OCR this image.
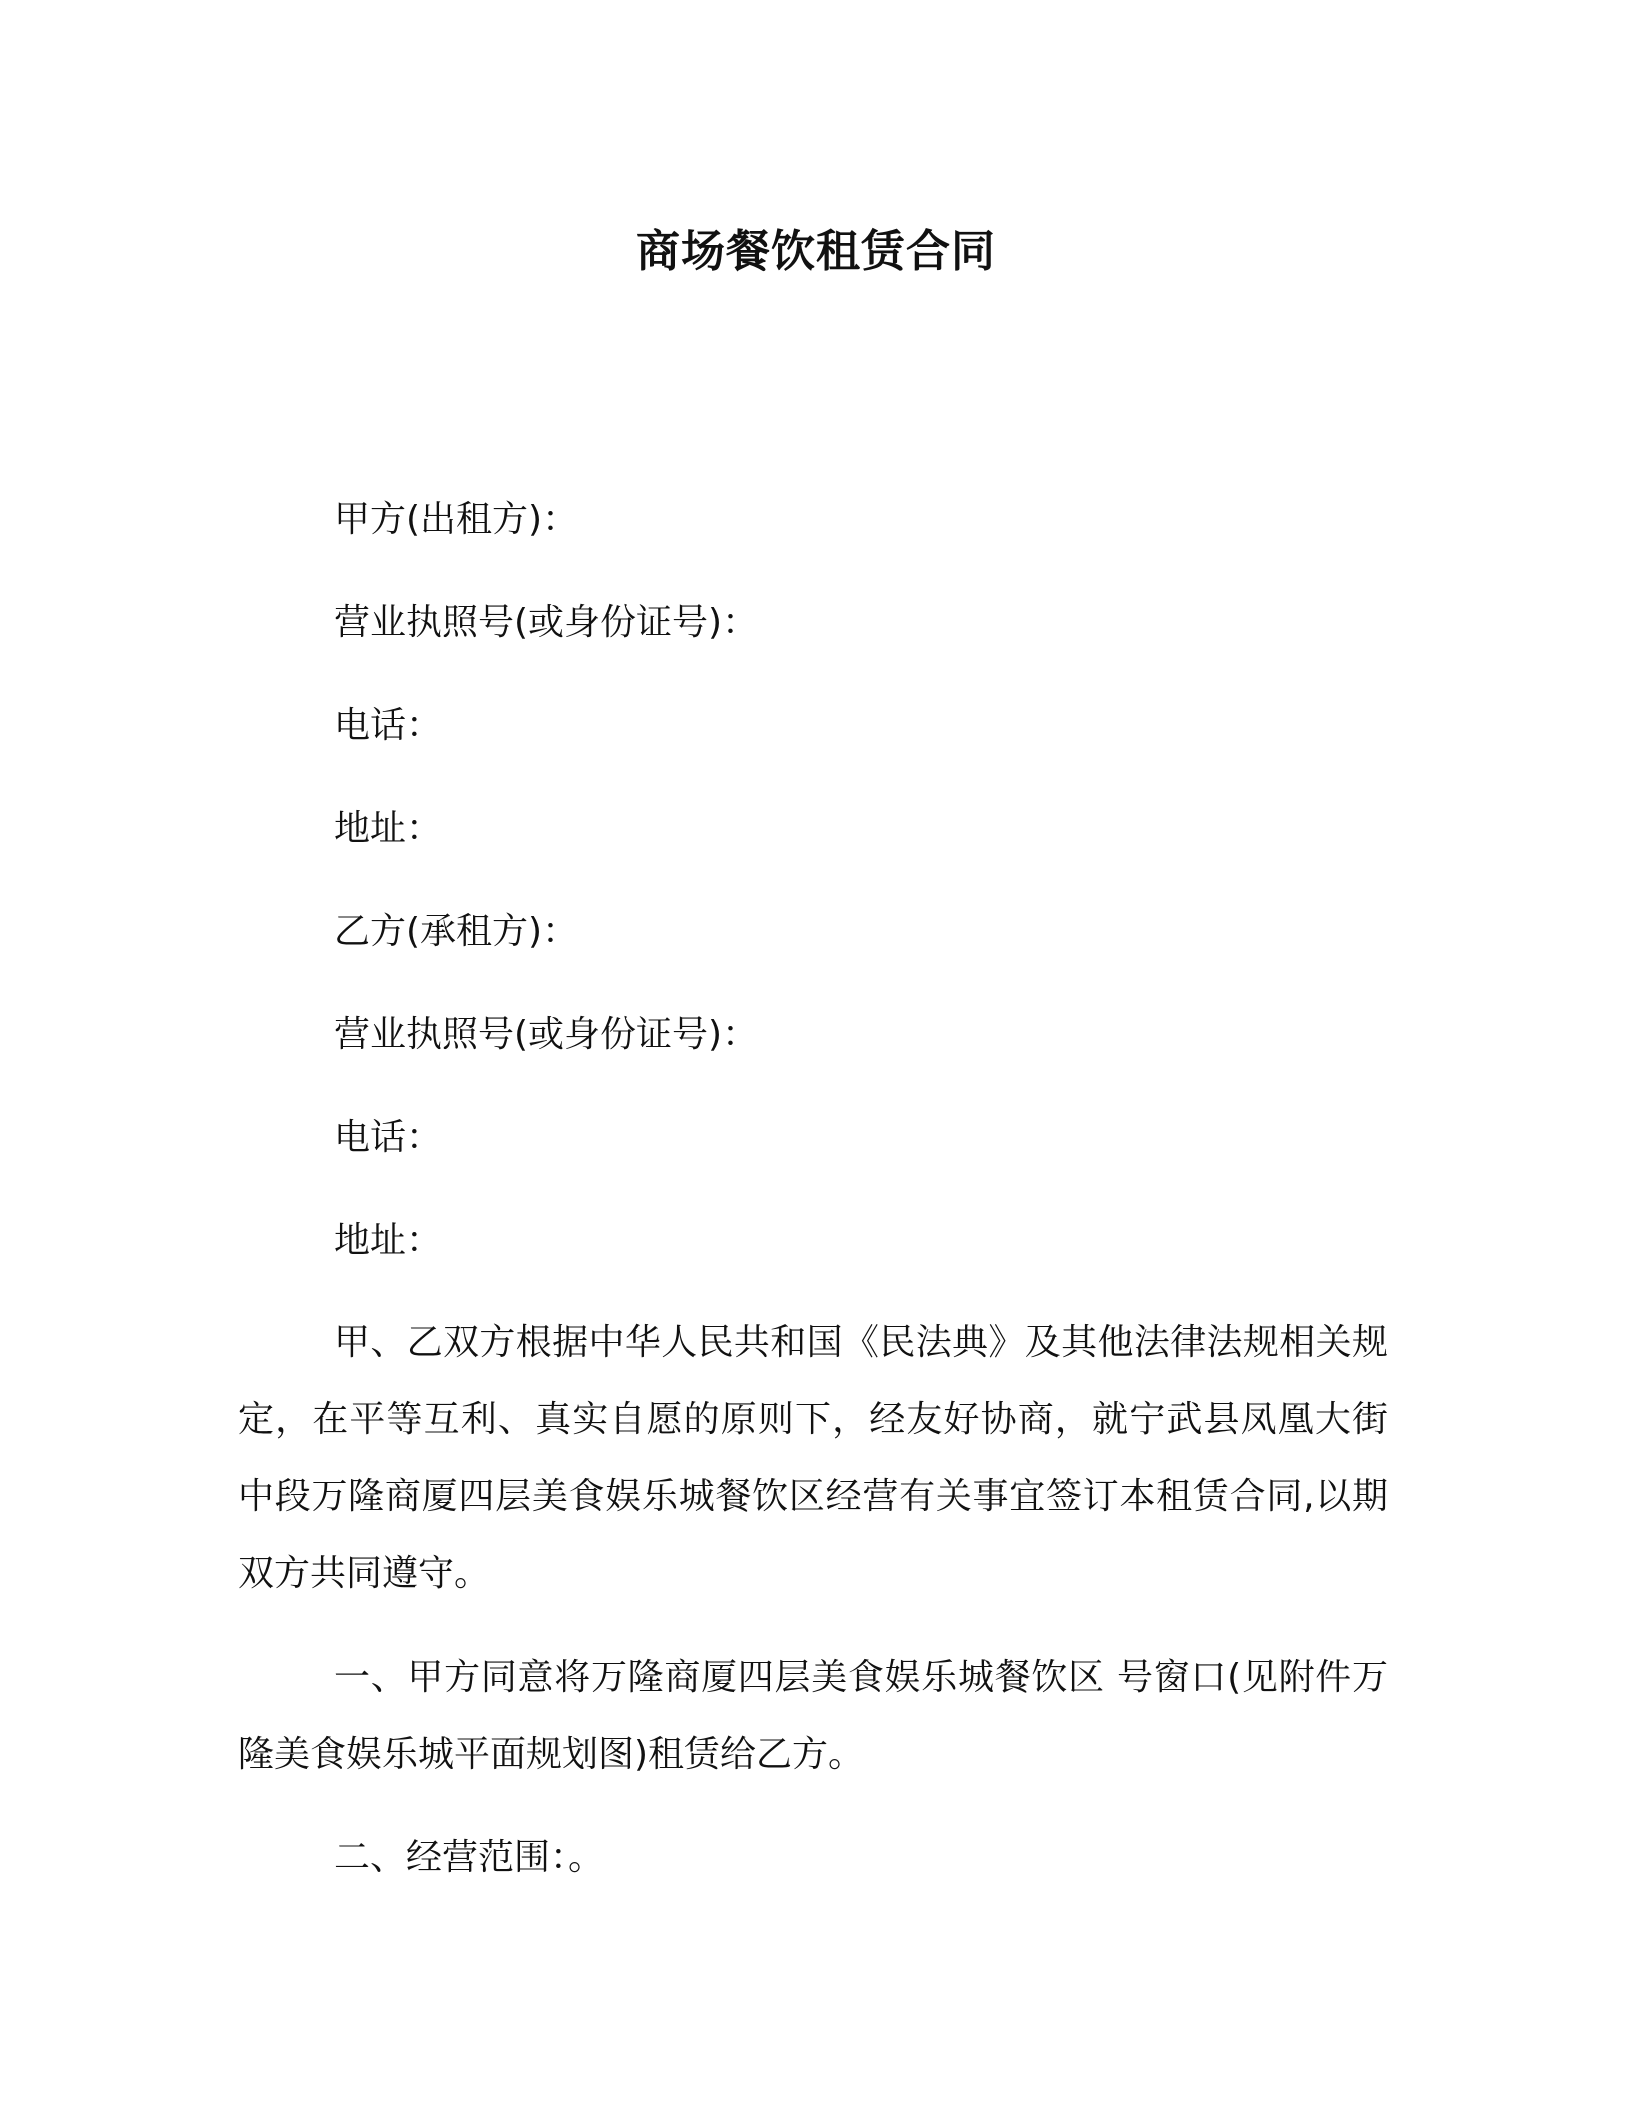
商场餐饮租赁合同
甲方(出租方)：
营业执照号(或身份证号)：
电话：
地址：
乙方(承租方)：
营业执照号(或身份证号)：
电话：
地址：

甲、乙双方根据中华人民共和国《民法典》及其他法律法规相关规定，在平等互利、真实自愿的原则下，经友好协商，就宁武县凤凰大街中段万隆商厦四层美食娱乐城餐饮区经营有关事宜签订本租赁合同,以期双方共同遵守。

一、甲方同意将万隆商厦四层美食娱乐城餐饮区 号窗口(见附件万隆美食娱乐城平面规划图)租赁给乙方。

二、经营范围：。
